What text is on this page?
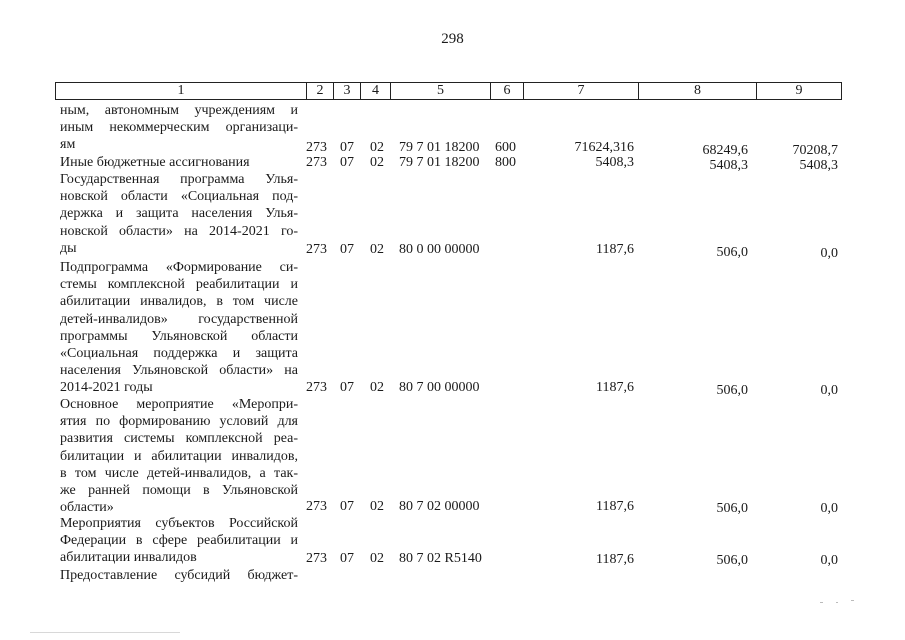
298
1	2	3	4	5	6	7	8	9
ным, автономным учреждениям и
иным некоммерческим организаци-
ям	273 07 02 79 7 01 18200 600	71624,316	68249,6	70208,7
Иные бюджетные ассигнования	273 07 02 79 7 01 18200 800	5408,3	5408,3	5408,3
Государственная программа Улья-
новской области «Социальная под-
держка и защита населения Улья-
новской области» на 2014-2021 го-
ды	273 07 02 80 0 00 00000	1187,6	506,0	0,0
Подпрограмма «Формирование си-
стемы комплексной реабилитации и
абилитации инвалидов, в том числе
детей-инвалидов» государственной
программы Ульяновской области
«Социальная поддержка и защита
населения Ульяновской области» на
2014-2021 годы	273 07 02 80 7 00 00000	1187,6	506,0	0,0
Основное мероприятие «Меропри-
ятия по формированию условий для
развития системы комплексной реа-
билитации и абилитации инвалидов,
в том числе детей-инвалидов, а так-
же ранней помощи в Ульяновской
области»	273 07 02 80 7 02 00000	1187,6	506,0	0,0
Мероприятия субъектов Российской
Федерации в сфере реабилитации и
абилитации инвалидов	273 07 02 80 7 02 R5140	1187,6	506,0	0,0
Предоставление субсидий бюджет-
